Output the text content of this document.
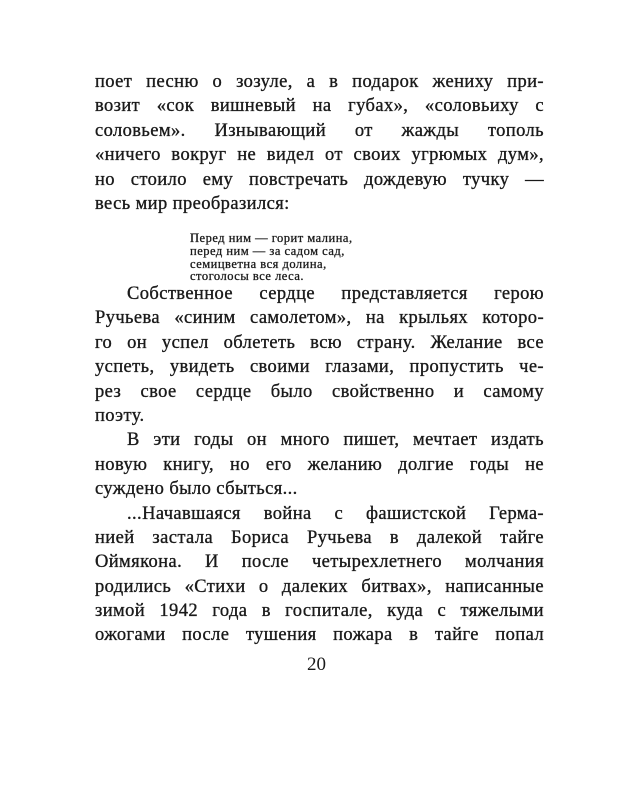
поет песню о зозуле, а в подарок жениху при-
возит «сок вишневый на губах», «соловьиху с
соловьем». Изнывающий от жажды тополь
«ничего вокруг не видел от своих угрюмых дум»,
но стоило ему повстречать дождевую тучку —
весь мир преобразился:
Перед ним — горит малина,
перед ним — за садом сад,
семицветна вся долина,
стоголосы все леса.
Собственное сердце представляется герою
Ручьева «синим самолетом», на крыльях которо-
го он успел облететь всю страну. Желание все
успеть, увидеть своими глазами, пропустить че-
рез свое сердце было свойственно и самому
поэту.
В эти годы он много пишет, мечтает издать
новую книгу, но его желанию долгие годы не
суждено было сбыться...
...Начавшаяся война с фашистской Герма-
нией застала Бориса Ручьева в далекой тайге
Оймякона. И после четырехлетнего молчания
родились «Стихи о далеких битвах», написанные
зимой 1942 года в госпитале, куда с тяжелыми
ожогами после тушения пожара в тайге попал
20
